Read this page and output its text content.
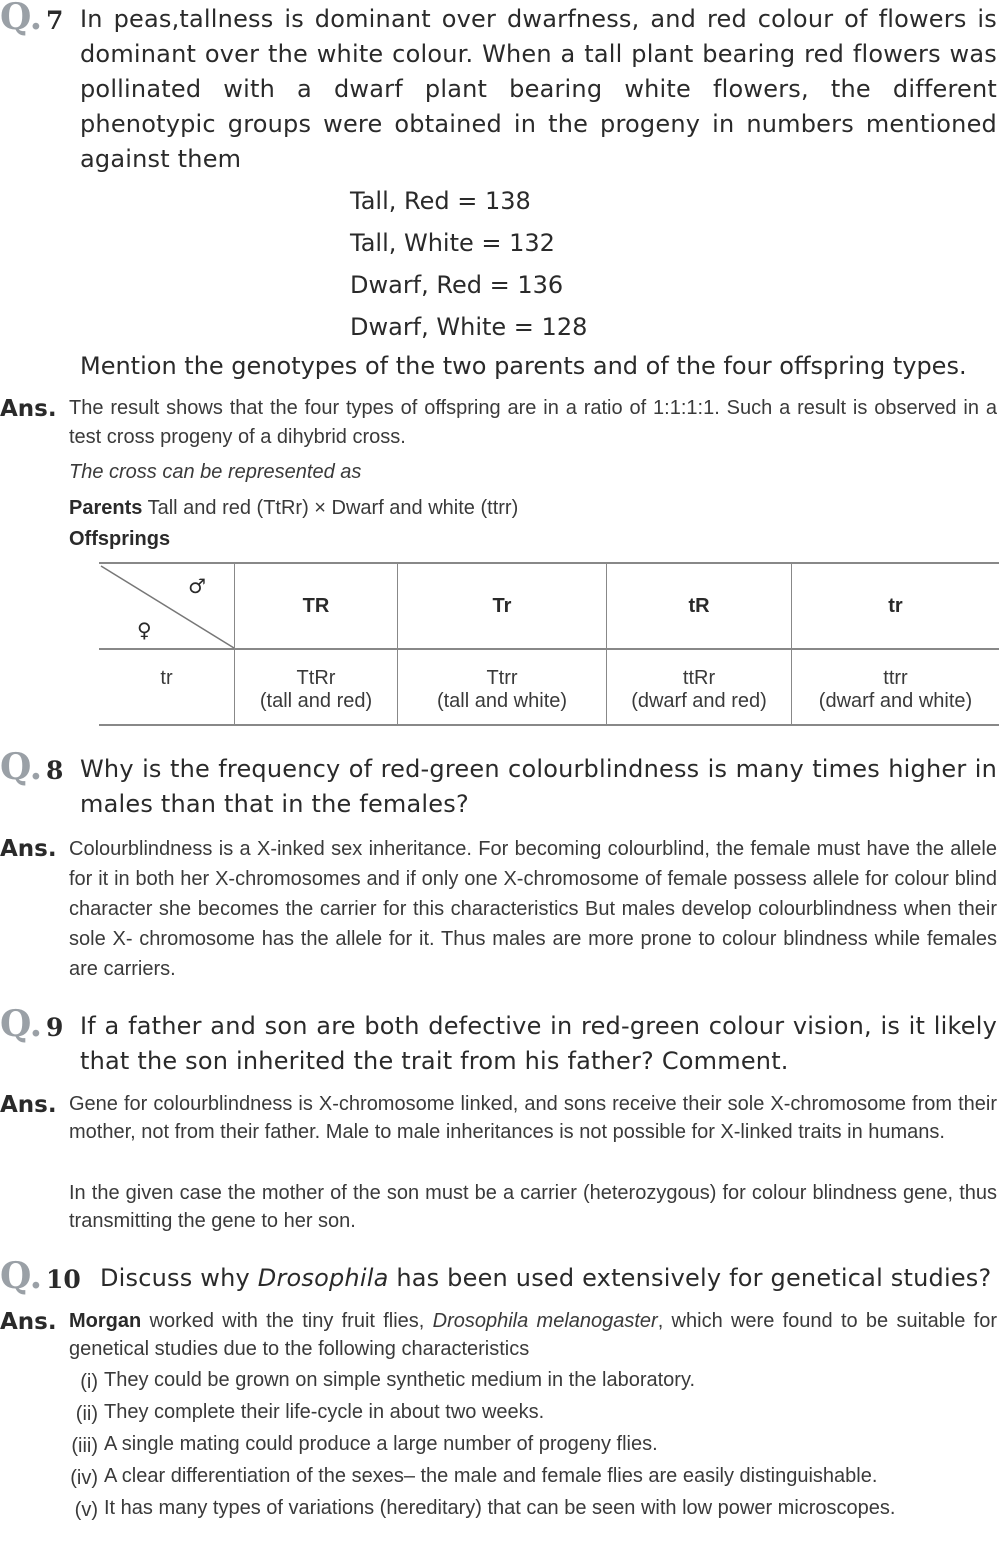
Q. 7 In peas,tallness is dominant over dwarfness, and red colour of flowers is dominant over the white colour. When a tall plant bearing red flowers was pollinated with a dwarf plant bearing white flowers, the different phenotypic groups were obtained in the progeny in numbers mentioned against them
Tall, Red = 138
Tall, White = 132
Dwarf, Red = 136
Dwarf, White = 128
Mention the genotypes of the two parents and of the four offspring types.
Ans. The result shows that the four types of offspring are in a ratio of 1:1:1:1. Such a result is observed in a test cross progeny of a dihybrid cross.
The cross can be represented as
Parents Tall and red (TtRr) × Dwarf and white (ttrr)
Offsprings
♂
♀	TR	Tr	tR	tr
tr	TtRr	Ttrr	ttRr	ttrr
	(tall and red)	(tall and white)	(dwarf and red)	(dwarf and white)
Q. 8 Why is the frequency of red-green colourblindness is many times higher in males than that in the females?
Ans. Colourblindness is a X-inked sex inheritance. For becoming colourblind, the female must have the allele for it in both her X-chromosomes and if only one X-chromosome of female possess allele for colour blind character she becomes the carrier for this characteristics But males develop colourblindness when their sole X- chromosome has the allele for it. Thus males are more prone to colour blindness while females are carriers.
Q. 9 If a father and son are both defective in red-green colour vision, is it likely that the son inherited the trait from his father? Comment.
Ans. Gene for colourblindness is X-chromosome linked, and sons receive their sole X-chromosome from their mother, not from their father. Male to male inheritances is not possible for X-linked traits in humans.
In the given case the mother of the son must be a carrier (heterozygous) for colour blindness gene, thus transmitting the gene to her son.
Q. 10 Discuss why Drosophila has been used extensively for genetical studies?
Ans. Morgan worked with the tiny fruit flies, Drosophila melanogaster, which were found to be suitable for genetical studies due to the following characteristics
(i) They could be grown on simple synthetic medium in the laboratory.
(ii) They complete their life-cycle in about two weeks.
(iii) A single mating could produce a large number of progeny flies.
(iv) A clear differentiation of the sexes– the male and female flies are easily distinguishable.
(v) It has many types of variations (hereditary) that can be seen with low power microscopes.
